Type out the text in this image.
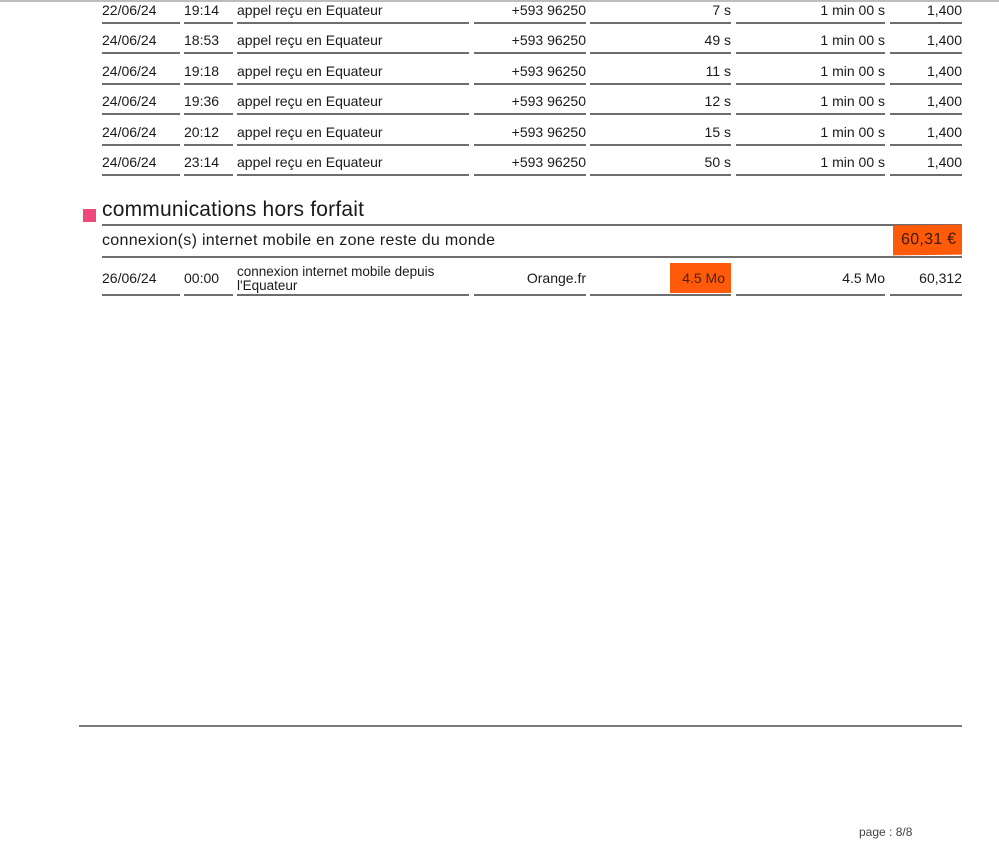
22/06/24	19:14	appel reçu en Equateur	+593 96250	7 s	1 min 00 s	1,400
24/06/24	18:53	appel reçu en Equateur	+593 96250	49 s	1 min 00 s	1,400
24/06/24	19:18	appel reçu en Equateur	+593 96250	11 s	1 min 00 s	1,400
24/06/24	19:36	appel reçu en Equateur	+593 96250	12 s	1 min 00 s	1,400
24/06/24	20:12	appel reçu en Equateur	+593 96250	15 s	1 min 00 s	1,400
24/06/24	23:14	appel reçu en Equateur	+593 96250	50 s	1 min 00 s	1,400
communications hors forfait
connexion(s) internet mobile en zone reste du monde	60,31 €
26/06/24	00:00	connexion internet mobile depuis l'Equateur	Orange.fr	4.5 Mo	4.5 Mo	60,312
page : 8/8
